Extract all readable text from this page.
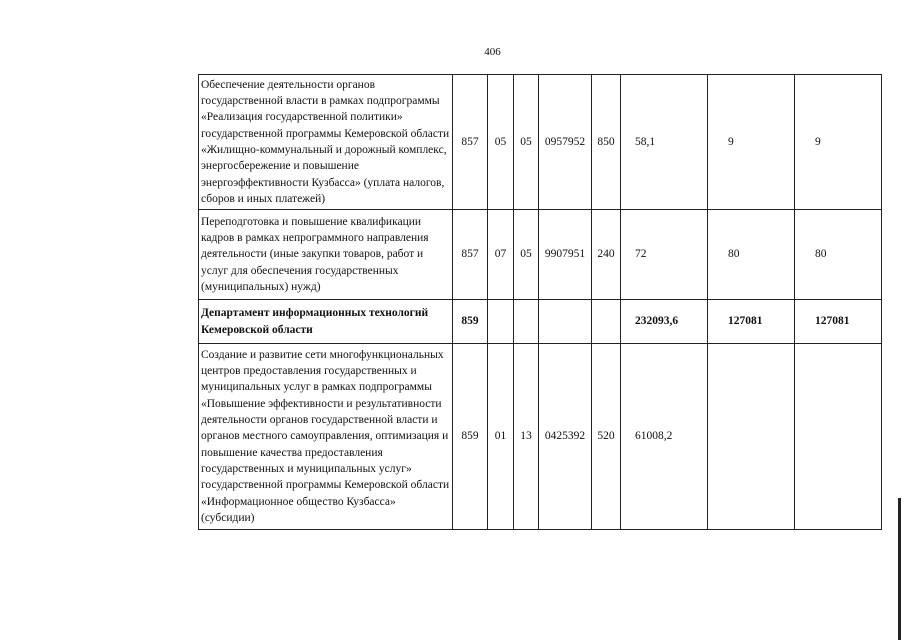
406
Обеспечение деятельности органов государственной власти в рамках подпрограммы «Реализация государственной политики» государственной программы Кемеровской области «Жилищно-коммунальный и дорожный комплекс, энергосбережение и повышение энергоэффективности Кузбасса» (уплата налогов, сборов и иных платежей)	857	05	05	0957952	850	58,1	9	9
Переподготовка и повышение квалификации кадров в рамках непрограммного направления деятельности (иные закупки товаров, работ и услуг для обеспечения государственных (муниципальных) нужд)	857	07	05	9907951	240	72	80	80
Департамент информационных технологий Кемеровской области	859					232093,6	127081	127081
Создание и развитие сети многофункциональных центров предоставления государственных и муниципальных услуг в рамках подпрограммы «Повышение эффективности и результативности деятельности органов государственной власти и органов местного самоуправления, оптимизация и повышение качества предоставления государственных и муниципальных услуг» государственной программы Кемеровской области «Информационное общество Кузбасса» (субсидии)	859	01	13	0425392	520	61008,2		
